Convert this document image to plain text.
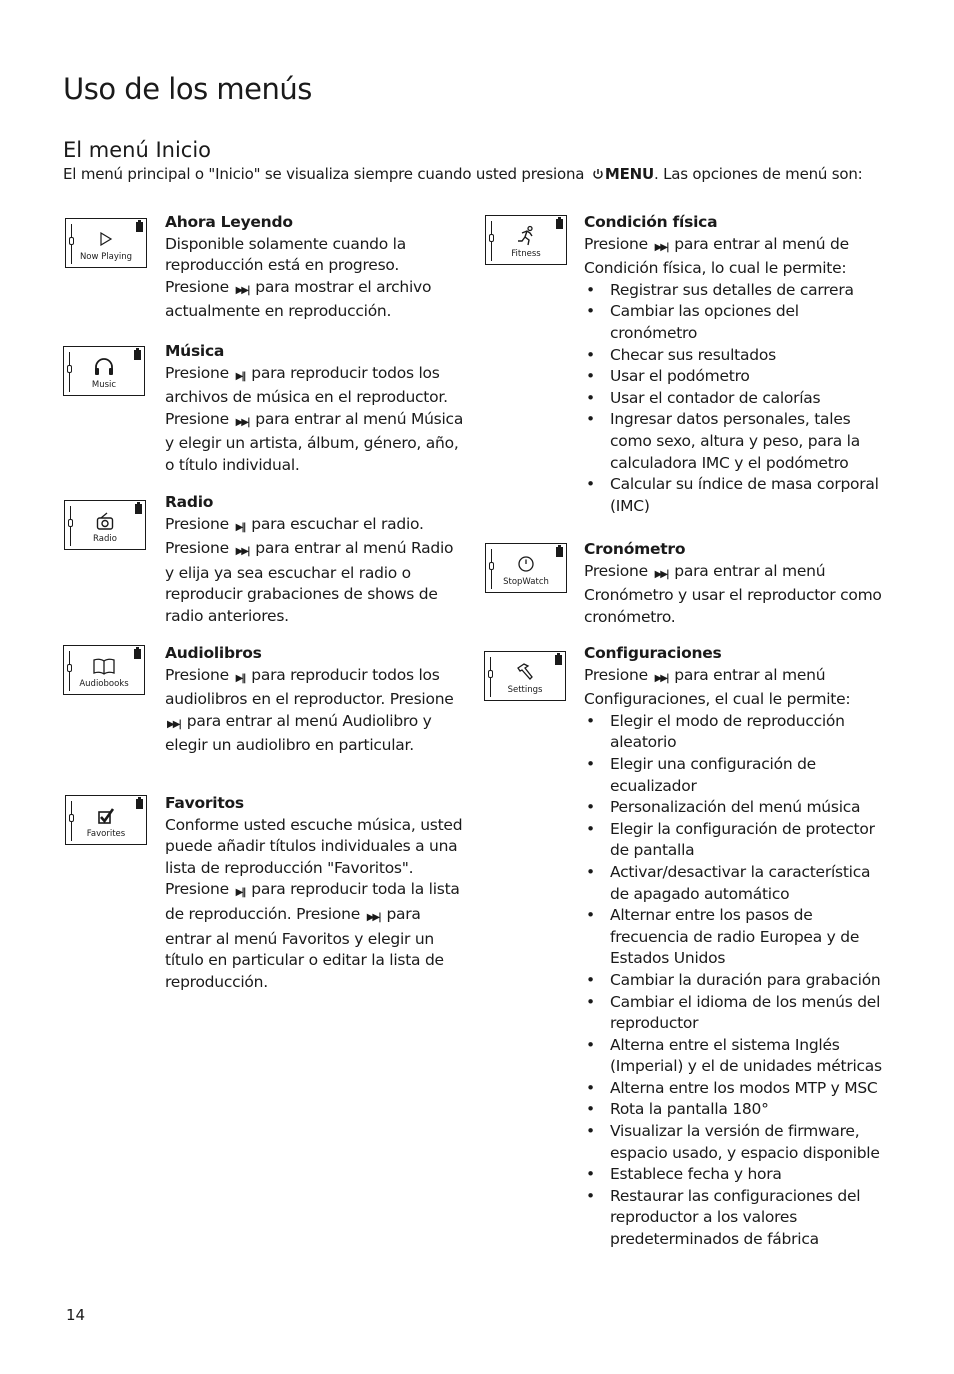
Uso de los menús
El menú Inicio

El menú principal o "Inicio" se visualiza siempre cuando usted presiona MENU. Las opciones de menú son:

Now Playing
Ahora Leyendo

Disponible solamente cuando la reproducción está en progreso. Presione ▶▶| para mostrar el archivo actualmente en reproducción.

Music
Música

Presione ▶|| para reproducir todos los archivos de música en el reproductor. Presione ▶▶| para entrar al menú Música y elegir un artista, álbum, género, año, o título individual.

Radio
Radio

Presione ▶|| para escuchar el radio. Presione ▶▶| para entrar al menú Radio y elija ya sea escuchar el radio o reproducir grabaciones de shows de radio anteriores.

Audiobooks
Audiolibros

Presione ▶|| para reproducir todos los audiolibros en el reproductor. Presione ▶▶| para entrar al menú Audiolibro y elegir un audiolibro en particular.

Favorites
Favoritos

Conforme usted escuche música, usted puede añadir títulos individuales a una lista de reproducción "Favoritos". Presione ▶|| para reproducir toda la lista de reproducción. Presione ▶▶| para entrar al menú Favoritos y elegir un título en particular o editar la lista de reproducción.

Fitness
Condición física

Presione ▶▶| para entrar al menú de Condición física, lo cual le permite:

• Registrar sus detalles de carrera
• Cambiar las opciones del cronómetro
• Checar sus resultados
• Usar el podómetro
• Usar el contador de calorías
• Ingresar datos personales, tales como sexo, altura y peso, para la calculadora IMC y el podómetro
• Calcular su índice de masa corporal (IMC)
StopWatch
Cronómetro

Presione ▶▶| para entrar al menú Cronómetro y usar el reproductor como cronómetro.

Settings
Configuraciones

Presione ▶▶| para entrar al menú Configuraciones, el cual le permite:

• Elegir el modo de reproducción aleatorio
• Elegir una configuración de ecualizador
• Personalización del menú música
• Elegir la configuración de protector de pantalla
• Activar/desactivar la característica de apagado automático
• Alternar entre los pasos de frecuencia de radio Europea y de Estados Unidos
• Cambiar la duración para grabación
• Cambiar el idioma de los menús del reproductor
• Alterna entre el sistema Inglés (Imperial) y el de unidades métricas
• Alterna entre los modos MTP y MSC
• Rota la pantalla 180°
• Visualizar la versión de firmware, espacio usado, y espacio disponible
• Establece fecha y hora
• Restaurar las configuraciones del reproductor a los valores predeterminados de fábrica
14
